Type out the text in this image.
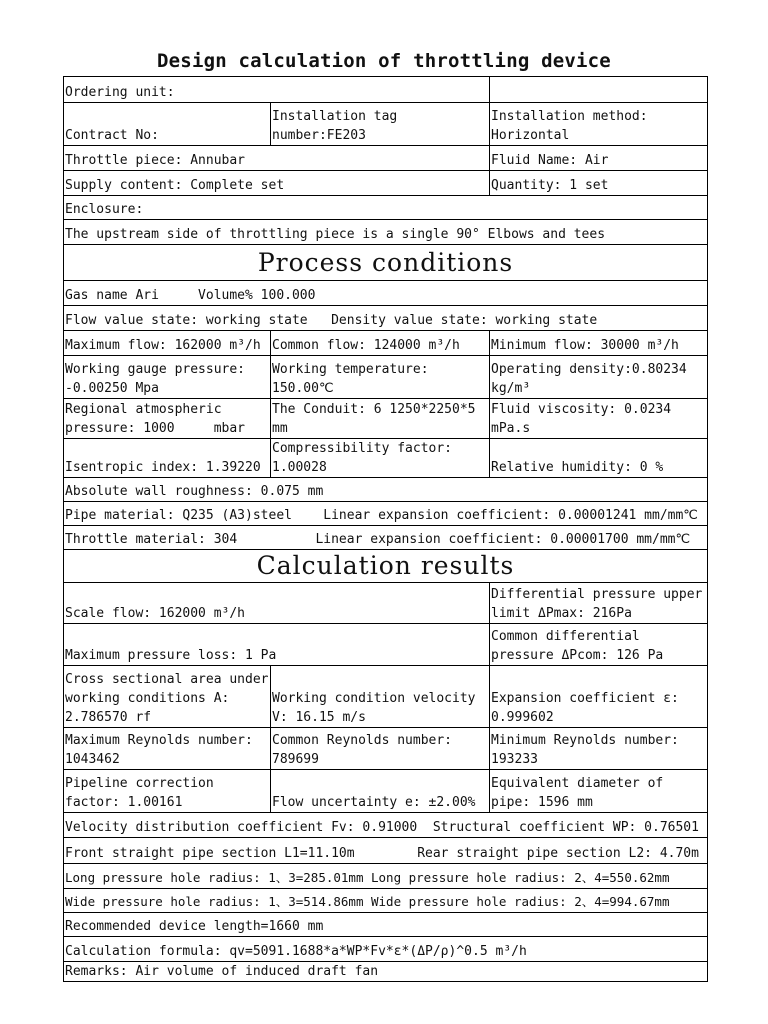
Design calculation of throttling device
Ordering unit:		
Contract No:	Installation tag number:FE203	Installation method: Horizontal
Throttle piece: Annubar		Fluid Name: Air
Supply content: Complete set		Quantity: 1 set
Enclosure:		
The upstream side of throttling piece is a single 90° Elbows and tees		
Process conditions		
Gas name Ari     Volume% 100.000		
Flow value state: working state   Density value state: working state		
Maximum flow: 162000 m³/h	Common flow: 124000 m³/h	Minimum flow: 30000 m³/h
Working gauge pressure: -0.00250 Mpa	Working temperature: 150.00℃	Operating density:0.80234 kg/m³
Regional atmospheric pressure: 1000     mbar	The Conduit: 6 1250*2250*5 mm	Fluid viscosity: 0.0234 mPa.s
Isentropic index: 1.39220	Compressibility factor: 1.00028	Relative humidity: 0 %
Absolute wall roughness: 0.075 mm		
Pipe material: Q235 (A3)steel    Linear expansion coefficient: 0.00001241 mm/mm℃		
Throttle material: 304          Linear expansion coefficient: 0.00001700 mm/mm℃		
Calculation results		
Scale flow: 162000 m³/h		Differential pressure upper limit ΔPmax: 216Pa
Maximum pressure loss: 1 Pa		Common differential pressure ΔPcom: 126 Pa
Cross sectional area under working conditions A: 2.786570 rf	Working condition velocity V: 16.15 m/s	Expansion coefficient ε: 0.999602
Maximum Reynolds number: 1043462	Common Reynolds number: 789699	Minimum Reynolds number: 193233
Pipeline correction factor: 1.00161	Flow uncertainty e: ±2.00%	Equivalent diameter of pipe: 1596 mm
Velocity distribution coefficient Fv: 0.91000  Structural coefficient WP: 0.76501		
Front straight pipe section L1=11.10m        Rear straight pipe section L2: 4.70m		
Long pressure hole radius: 1、3=285.01mm Long pressure hole radius: 2、4=550.62mm		
Wide pressure hole radius: 1、3=514.86mm Wide pressure hole radius: 2、4=994.67mm		
Recommended device length=1660 mm		
Calculation formula: qv=5091.1688*a*WP*Fv*ε*(ΔP/ρ)^0.5 m³/h		
Remarks: Air volume of induced draft fan		
